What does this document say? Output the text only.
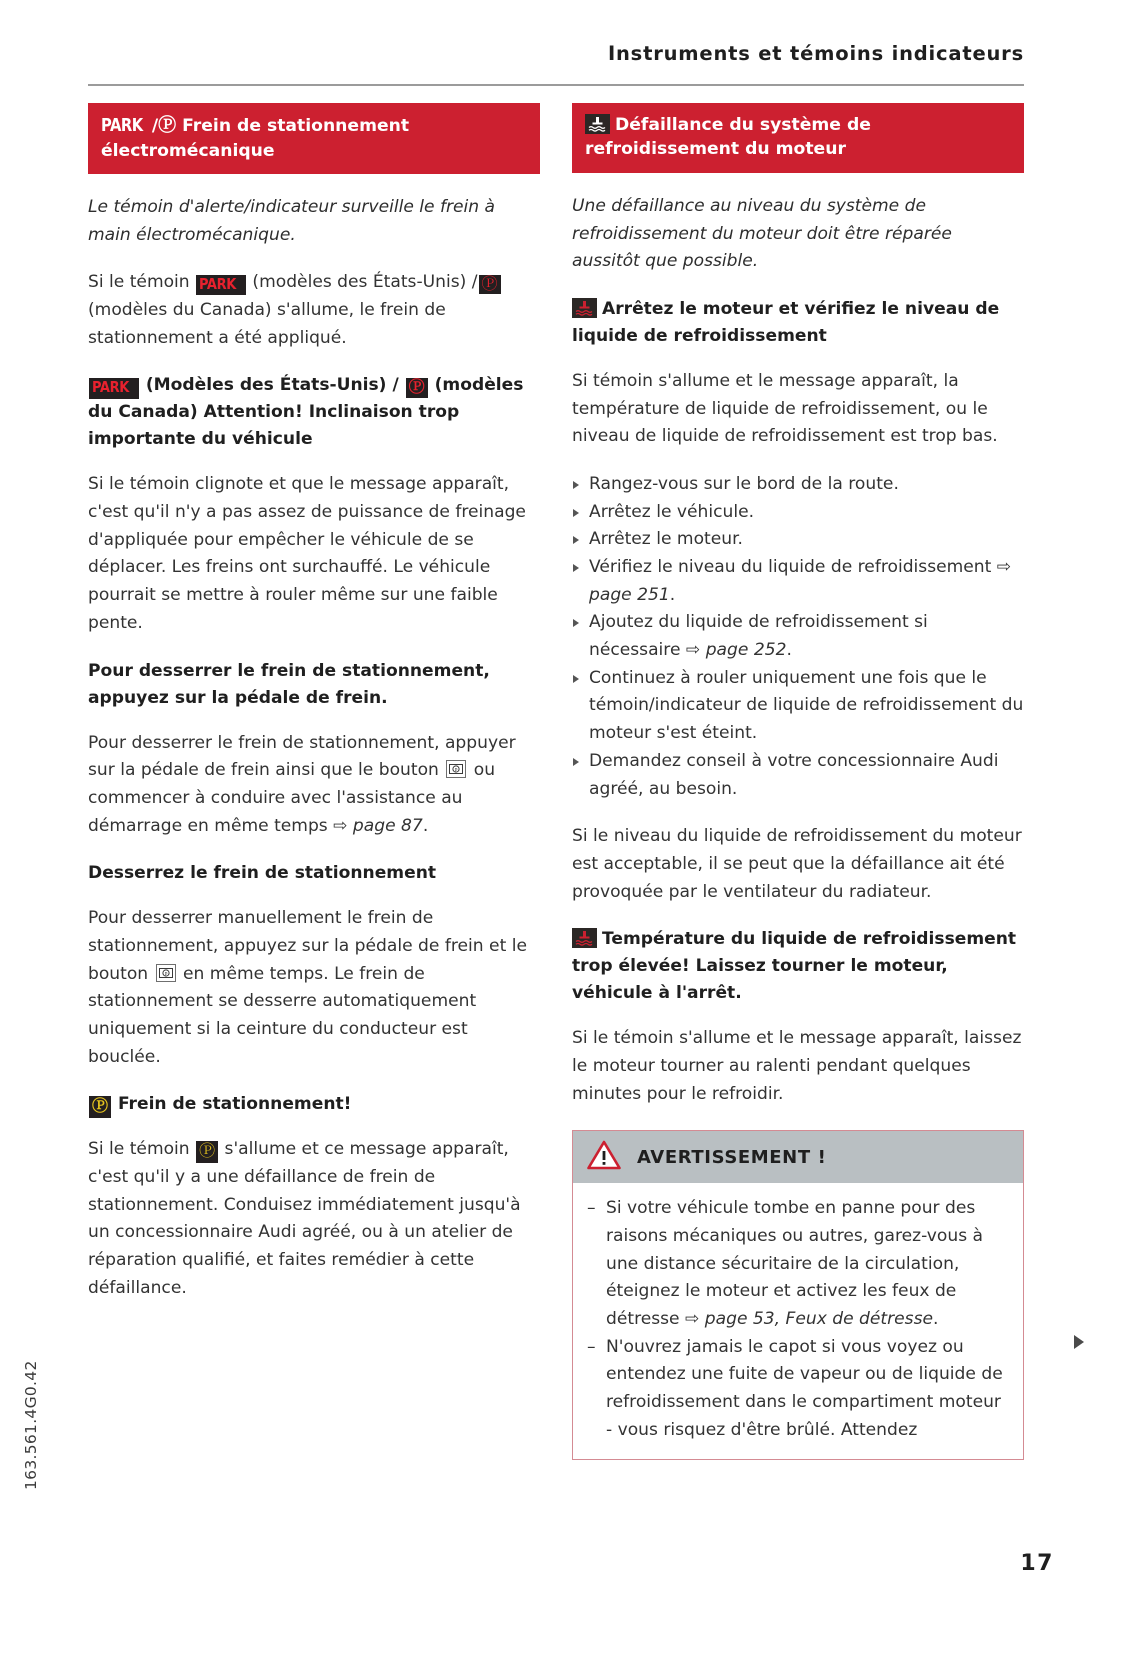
Instruments et témoins indicateurs
PARK /Ⓟ Frein de stationnement électromécanique

Le témoin d'alerte/indicateur surveille le frein à main électromécanique.

Si le témoin PARK (modèles des États-Unis) / Ⓟ (modèles du Canada) s'allume, le frein de stationnement a été appliqué.

PARK (Modèles des États-Unis) / Ⓟ (modèles du Canada) Attention! Inclinaison trop importante du véhicule

Si le témoin clignote et que le message apparaît, c'est qu'il n'y a pas assez de puissance de freinage d'appliquée pour empêcher le véhicule de se déplacer. Les freins ont surchauffé. Le véhicule pourrait se mettre à rouler même sur une faible pente.

Pour desserrer le frein de stationnement, appuyez sur la pédale de frein.

Pour desserrer le frein de stationnement, appuyer sur la pédale de frein ainsi que le bouton	P ou commencer à conduire avec l'assistance au démarrage en même temps ⇨ page 87.

Desserrez le frein de stationnement

Pour desserrer manuellement le frein de stationnement, appuyez sur la pédale de frein et le bouton	P en même temps. Le frein de stationnement se desserre automatiquement uniquement si la ceinture du conducteur est bouclée.

Ⓟ Frein de stationnement!

Si le témoin Ⓟ s'allume et ce message apparaît, c'est qu'il y a une défaillance de frein de stationnement. Conduisez immédiatement jusqu'à un concessionnaire Audi agréé, ou à un atelier de réparation qualifié, et faites remédier à cette défaillance.

Défaillance du système de refroidissement du moteur

Une défaillance au niveau du système de refroidissement du moteur doit être réparée aussitôt que possible.

Arrêtez le moteur et vérifiez le niveau de liquide de refroidissement

Si témoin s'allume et le message apparaît, la température de liquide de refroidissement, ou le niveau de liquide de refroidissement est trop bas.

Rangez-vous sur le bord de la route.
Arrêtez le véhicule.
Arrêtez le moteur.
Vérifiez le niveau du liquide de refroidissement ⇨ page 251.
Ajoutez du liquide de refroidissement si nécessaire ⇨ page 252.
Continuez à rouler uniquement une fois que le témoin/indicateur de liquide de refroidissement du moteur s'est éteint.
Demandez conseil à votre concessionnaire Audi agréé, au besoin.

Si le niveau du liquide de refroidissement du moteur est acceptable, il se peut que la défaillance ait été provoquée par le ventilateur du radiateur.

Température du liquide de refroidissement trop élevée! Laissez tourner le moteur, véhicule à l'arrêt.

Si le témoin s'allume et le message apparaît, laissez le moteur tourner au ralenti pendant quelques minutes pour le refroidir.

AVERTISSEMENT !
– Si votre véhicule tombe en panne pour des raisons mécaniques ou autres, garez-vous à une distance sécuritaire de la circulation, éteignez le moteur et activez les feux de détresse ⇨ page 53, Feux de détresse.
– N'ouvrez jamais le capot si vous voyez ou entendez une fuite de vapeur ou de liquide de refroidissement dans le compartiment moteur - vous risquez d'être brûlé. Attendez
163.561.4G0.42
17
